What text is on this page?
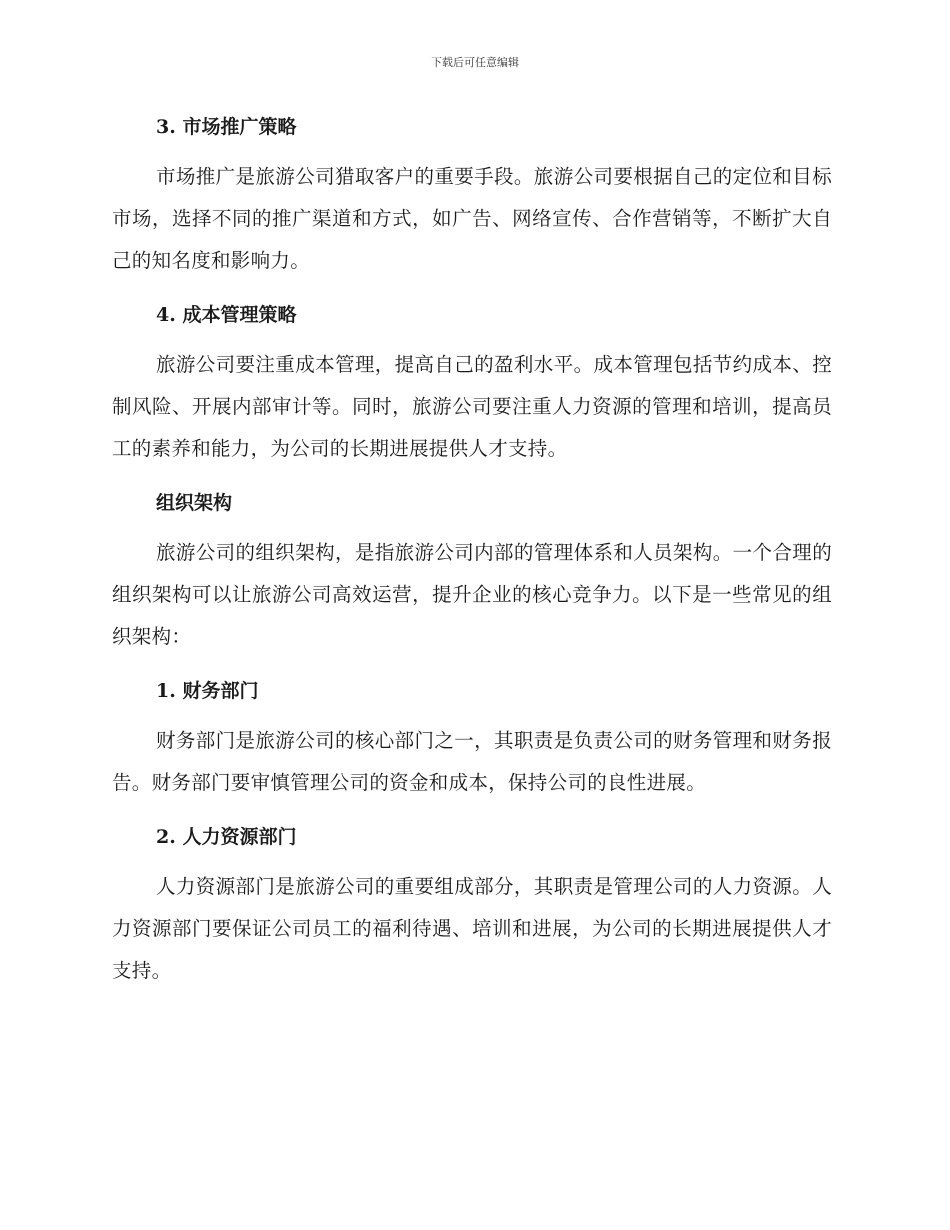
下载后可任意编辑
3. 市场推广策略

市场推广是旅游公司猎取客户的重要手段。旅游公司要根据自己的定位和目标市场，选择不同的推广渠道和方式，如广告、网络宣传、合作营销等，不断扩大自己的知名度和影响力。

4. 成本管理策略

旅游公司要注重成本管理，提高自己的盈利水平。成本管理包括节约成本、控制风险、开展内部审计等。同时，旅游公司要注重人力资源的管理和培训，提高员工的素养和能力，为公司的长期进展提供人才支持。

组织架构

旅游公司的组织架构，是指旅游公司内部的管理体系和人员架构。一个合理的组织架构可以让旅游公司高效运营，提升企业的核心竞争力。以下是一些常见的组织架构：

1. 财务部门

财务部门是旅游公司的核心部门之一，其职责是负责公司的财务管理和财务报告。财务部门要审慎管理公司的资金和成本，保持公司的良性进展。

2. 人力资源部门

人力资源部门是旅游公司的重要组成部分，其职责是管理公司的人力资源。人力资源部门要保证公司员工的福利待遇、培训和进展，为公司的长期进展提供人才支持。
